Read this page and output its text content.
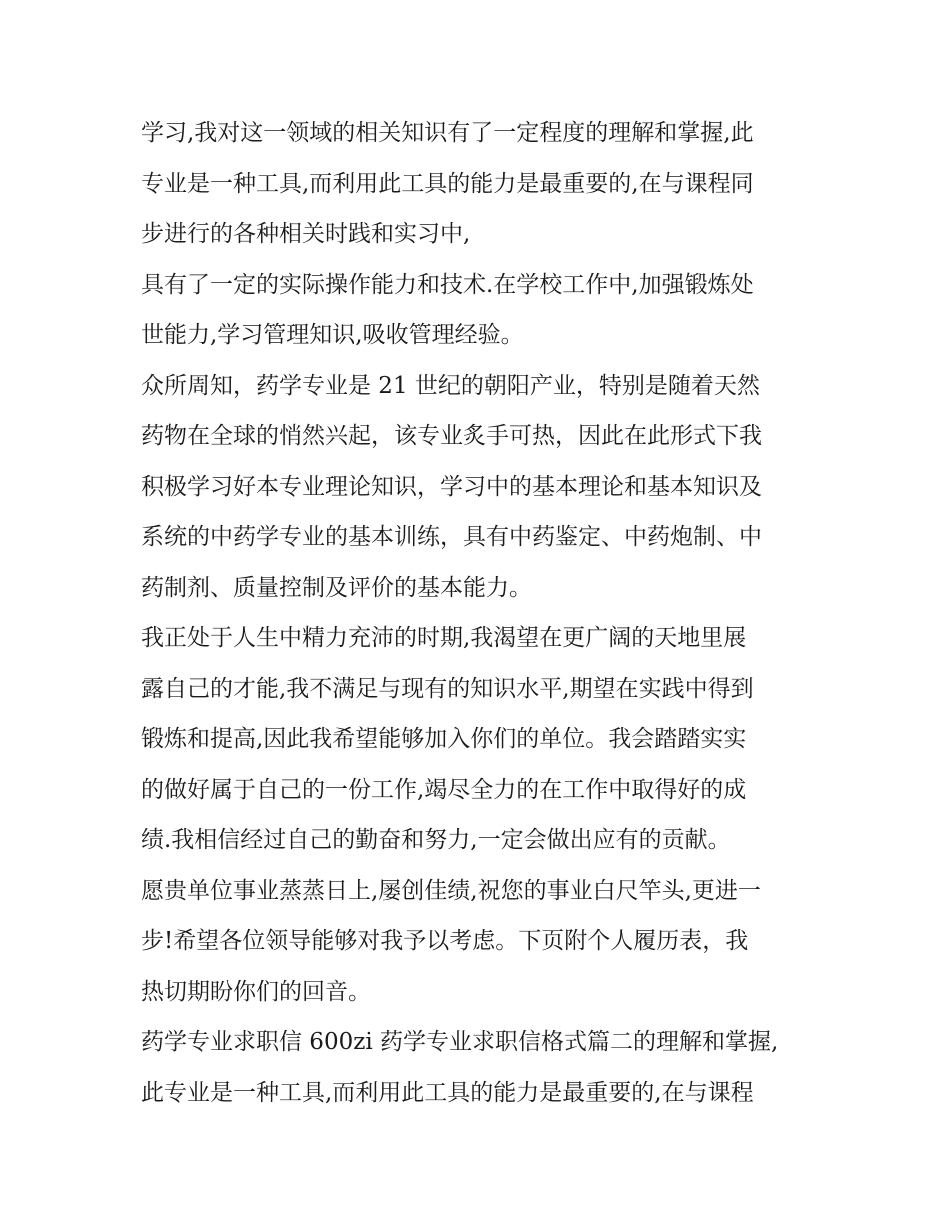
学习,我对这一领域的相关知识有了一定程度的理解和掌握,此
专业是一种工具,而利用此工具的能力是最重要的,在与课程同
步进行的各种相关时践和实习中,

具有了一定的实际操作能力和技术.在学校工作中,加强锻炼处
世能力,学习管理知识,吸收管理经验。

众所周知，药学专业是 21 世纪的朝阳产业，特别是随着天然
药物在全球的悄然兴起，该专业炙手可热，因此在此形式下我
积极学习好本专业理论知识，学习中的基本理论和基本知识及
系统的中药学专业的基本训练，具有中药鉴定、中药炮制、中
药制剂、质量控制及评价的基本能力。

我正处于人生中精力充沛的时期,我渴望在更广阔的天地里展
露自己的才能,我不满足与现有的知识水平,期望在实践中得到
锻炼和提高,因此我希望能够加入你们的单位。我会踏踏实实
的做好属于自己的一份工作,竭尽全力的在工作中取得好的成
绩.我相信经过自己的勤奋和努力,一定会做出应有的贡献。

愿贵单位事业蒸蒸日上,屡创佳绩,祝您的事业白尺竿头,更进一
步!希望各位领导能够对我予以考虑。下页附个人履历表，我
热切期盼你们的回音。

药学专业求职信 600zi 药学专业求职信格式篇二的理解和掌握,
此专业是一种工具,而利用此工具的能力是最重要的,在与课程
